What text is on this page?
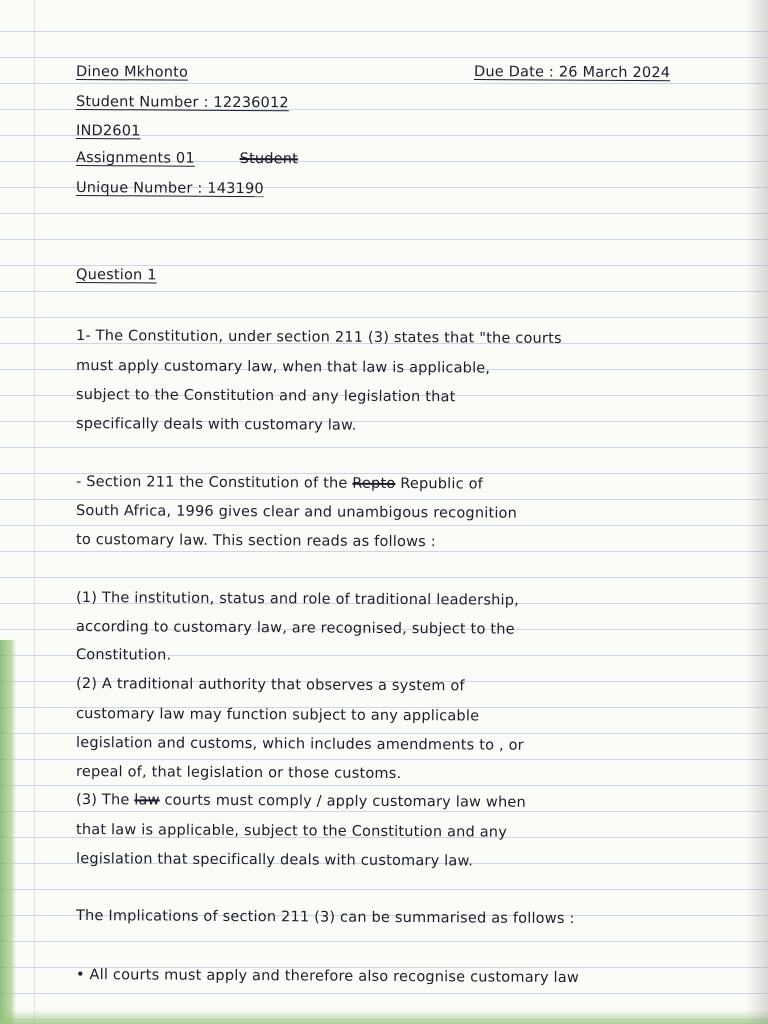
Dineo Mkhonto	Due Date : 26 March 2024
Student Number : 12236012
IND2601
Assignments 01	Student
Unique Number : 143190
Question 1
1- The Constitution, under section 211 (3) states that "the courts
must apply customary law, when that law is applicable,
subject to the Constitution and any legislation that
specifically deals with customary law.
- Section 211 the Constitution of the Repto Republic of
South Africa, 1996 gives clear and unambigous recognition
to customary law. This section reads as follows :
(1) The institution, status and role of traditional leadership,
according to customary law, are recognised, subject to the
Constitution.
(2) A traditional authority that observes a system of
customary law may function subject to any applicable
legislation and customs, which includes amendments to , or
repeal of, that legislation or those customs.
(3) The law courts must comply / apply customary law when
that law is applicable, subject to the Constitution and any
legislation that specifically deals with customary law.
The Implications of section 211 (3) can be summarised as follows :
• All courts must apply and therefore also recognise customary law
